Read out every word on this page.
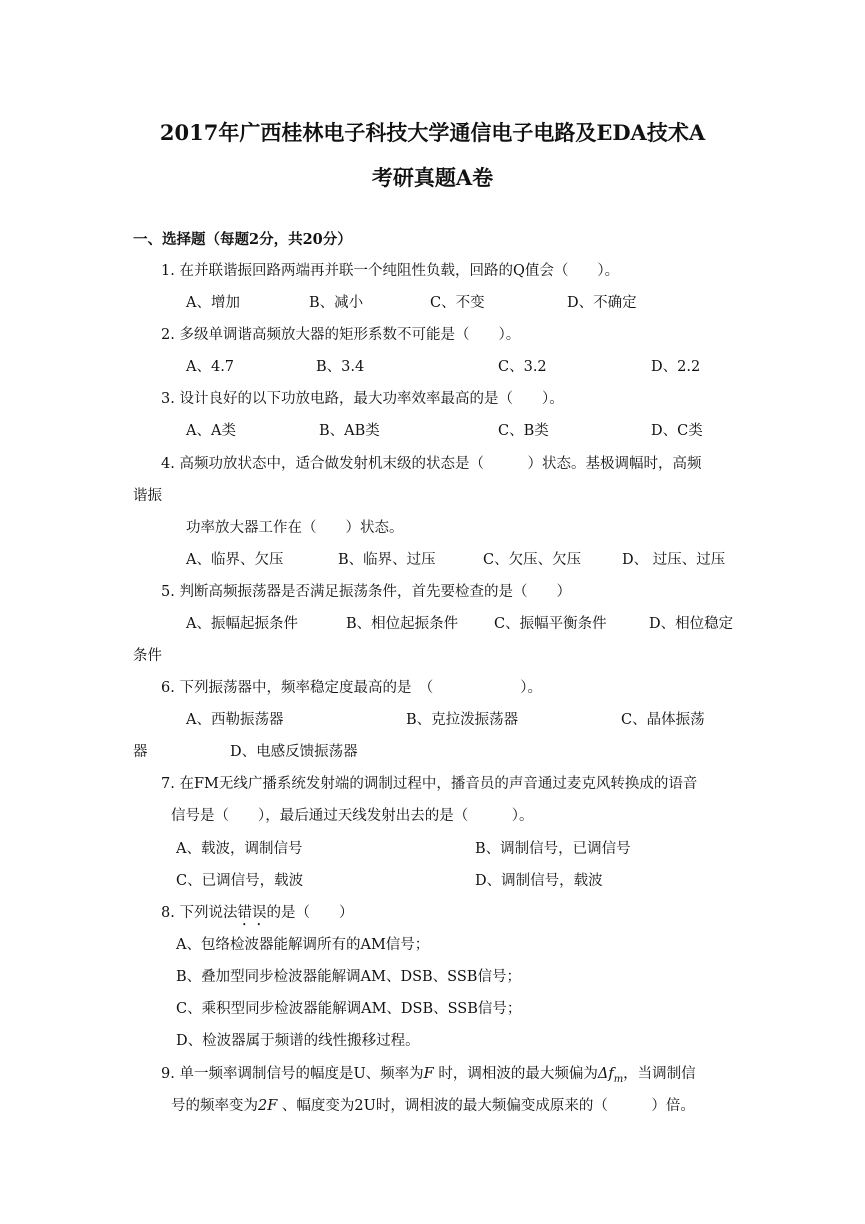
2017年广西桂林电子科技大学通信电子电路及EDA技术A
考研真题A卷
一、选择题（每题2分，共20分）
1. 在并联谐振回路两端再并联一个纯阻性负载，回路的Q值会（　　）。
A、增加	B、减小	C、不变	D、不确定
2. 多级单调谐高频放大器的矩形系数不可能是（　　）。
A、4.7	B、3.4	C、3.2	D、2.2
3. 设计良好的以下功放电路，最大功率效率最高的是（　　）。
A、A类	B、AB类	C、B类	D、C类
4. 高频功放状态中，适合做发射机末级的状态是（　　　）状态。基极调幅时，高频
谐振
功率放大器工作在（　　）状态。
A、临界、欠压	B、临界、过压	C、欠压、欠压	D、 过压、过压
5. 判断高频振荡器是否满足振荡条件，首先要检查的是（　　）
A、振幅起振条件	B、相位起振条件 C、振幅平衡条件	D、相位稳定
条件
6. 下列振荡器中，频率稳定度最高的是　（　　　　　　）。
A、西勒振荡器	B、克拉泼振荡器	C、晶体振荡
器	D、电感反馈振荡器
7. 在FM无线广播系统发射端的调制过程中，播音员的声音通过麦克风转换成的语音
信号是（　　），最后通过天线发射出去的是（　　　）。
A、载波，调制信号	B、调制信号，已调信号
C、已调信号，载波	D、调制信号，载波
8. 下列说法错误的是（　　）
A、包络检波器能解调所有的AM信号；
B、叠加型同步检波器能解调AM、DSB、SSB信号；
C、乘积型同步检波器能解调AM、DSB、SSB信号；
D、检波器属于频谱的线性搬移过程。
9. 单一频率调制信号的幅度是U、频率为F 时，调相波的最大频偏为$\Delta f_m$，当调制信
号的频率变为2F 、幅度变为2U时，调相波的最大频偏变成原来的（　　　）倍。
